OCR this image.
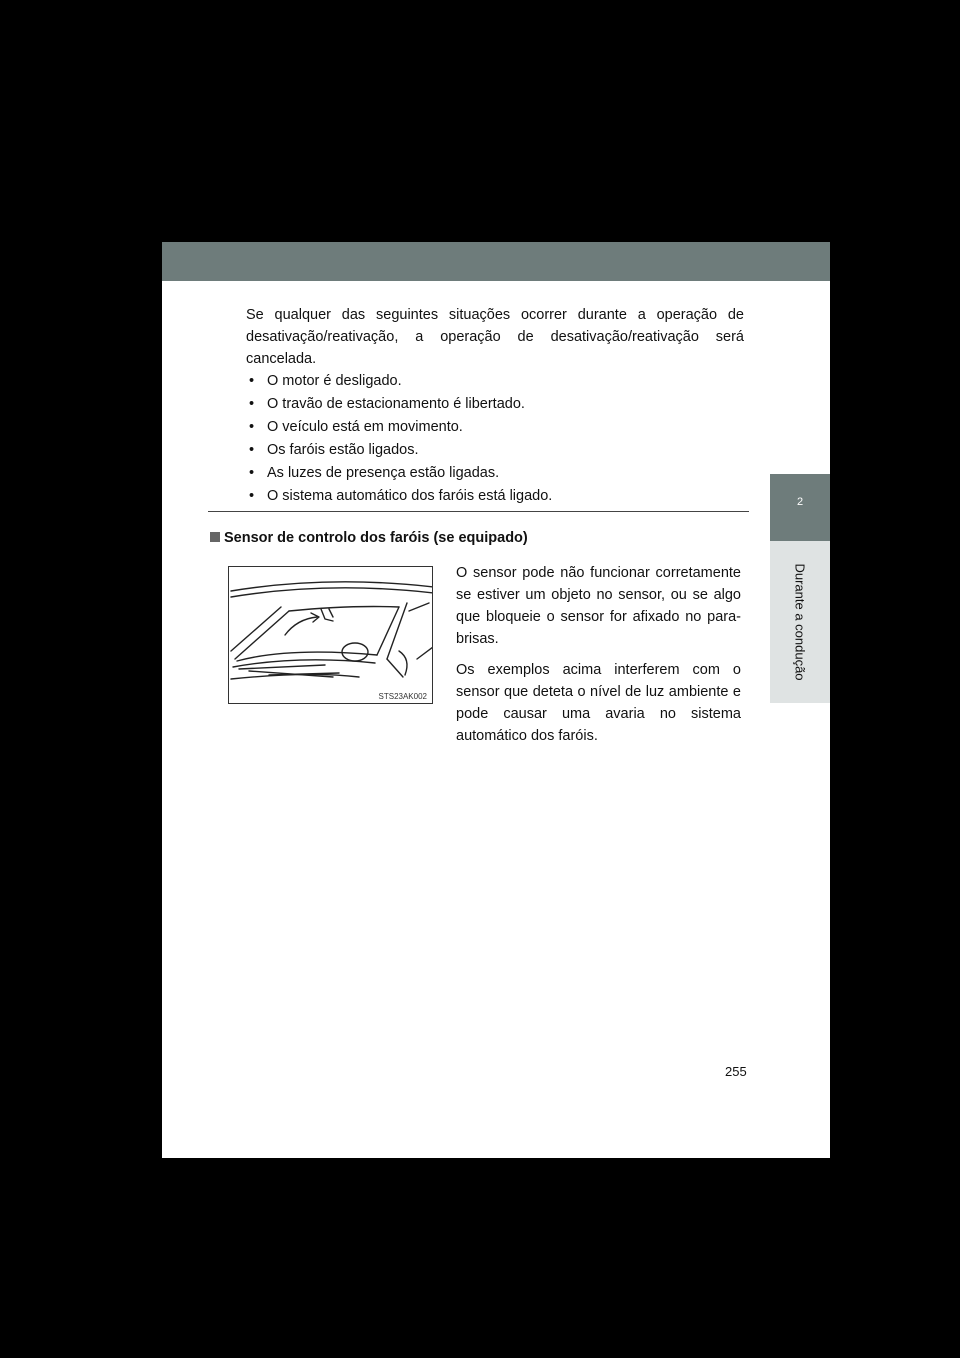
2
Durante a condução

Se qualquer das seguintes situações ocorrer durante a operação de desativação/reativação, a operação de desativação/reativação será cancelada.

• O motor é desligado.
• O travão de estacionamento é libertado.
• O veículo está em movimento.
• Os faróis estão ligados.
• As luzes de presença estão ligadas.
• O sistema automático dos faróis está ligado.
Sensor de controlo dos faróis (se equipado)
STS23AK002

O sensor pode não funcionar corretamente se estiver um objeto no sensor, ou se algo que bloqueie o sensor for afixado no para-brisas.

Os exemplos acima interferem com o sensor que deteta o nível de luz ambiente e pode causar uma avaria no sistema automático dos faróis.

255
